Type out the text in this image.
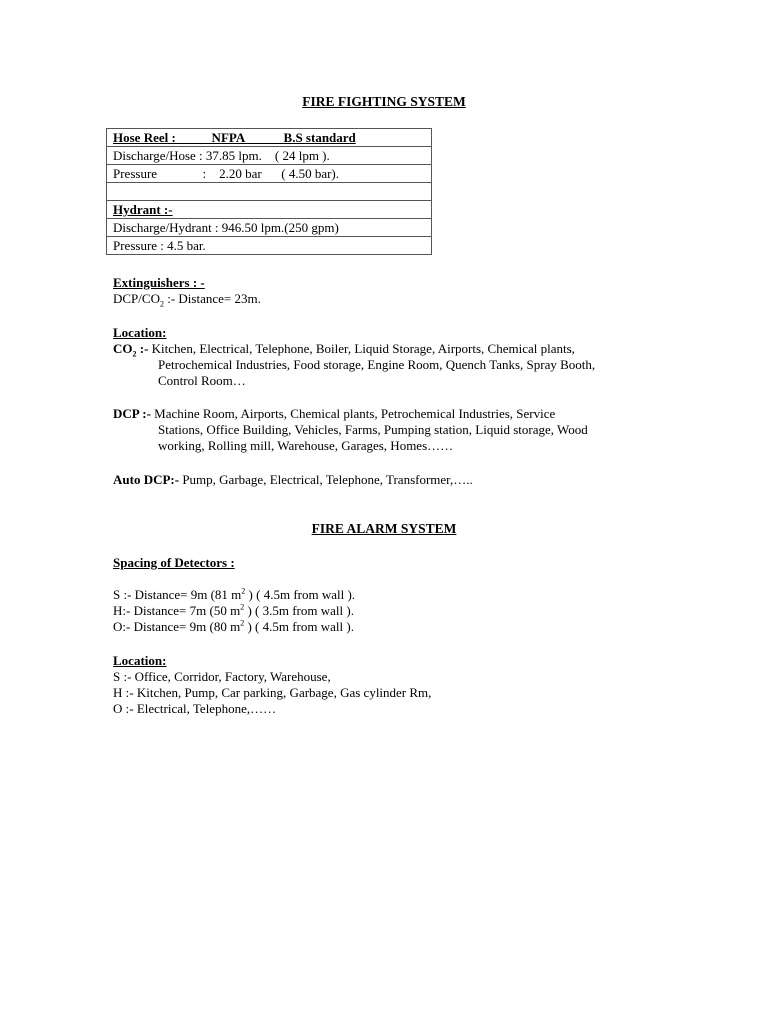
FIRE FIGHTING SYSTEM
Hose Reel :           NFPA            B.S standard
Discharge/Hose : 37.85 lpm.    ( 24 lpm ).
Pressure              :    2.20 bar      ( 4.50 bar).

Hydrant :-
Discharge/Hydrant : 946.50 lpm.(250 gpm)
Pressure : 4.5 bar.
Extinguishers : -
DCP/$CO_2$ :- Distance= 23m.
Location:
$CO_2$ :- Kitchen, Electrical, Telephone, Boiler, Liquid Storage, Airports, Chemical plants,
Petrochemical Industries, Food storage, Engine Room, Quench Tanks, Spray Booth,
Control Room…
DCP :- Machine Room, Airports, Chemical plants, Petrochemical Industries, Service
Stations, Office Building, Vehicles, Farms, Pumping station, Liquid storage, Wood
working, Rolling mill, Warehouse, Garages, Homes……
Auto DCP:- Pump, Garbage, Electrical, Telephone, Transformer,…..
FIRE ALARM SYSTEM
Spacing of Detectors :
S :- Distance= 9m (81 $m^2$ ) ( 4.5m from wall ).
H:- Distance= 7m (50 $m^2$ ) ( 3.5m from wall ).
O:- Distance= 9m (80 $m^2$ ) ( 4.5m from wall ).
Location:
S :- Office, Corridor, Factory, Warehouse,
H :- Kitchen, Pump, Car parking, Garbage, Gas cylinder Rm,
O :- Electrical, Telephone,……
